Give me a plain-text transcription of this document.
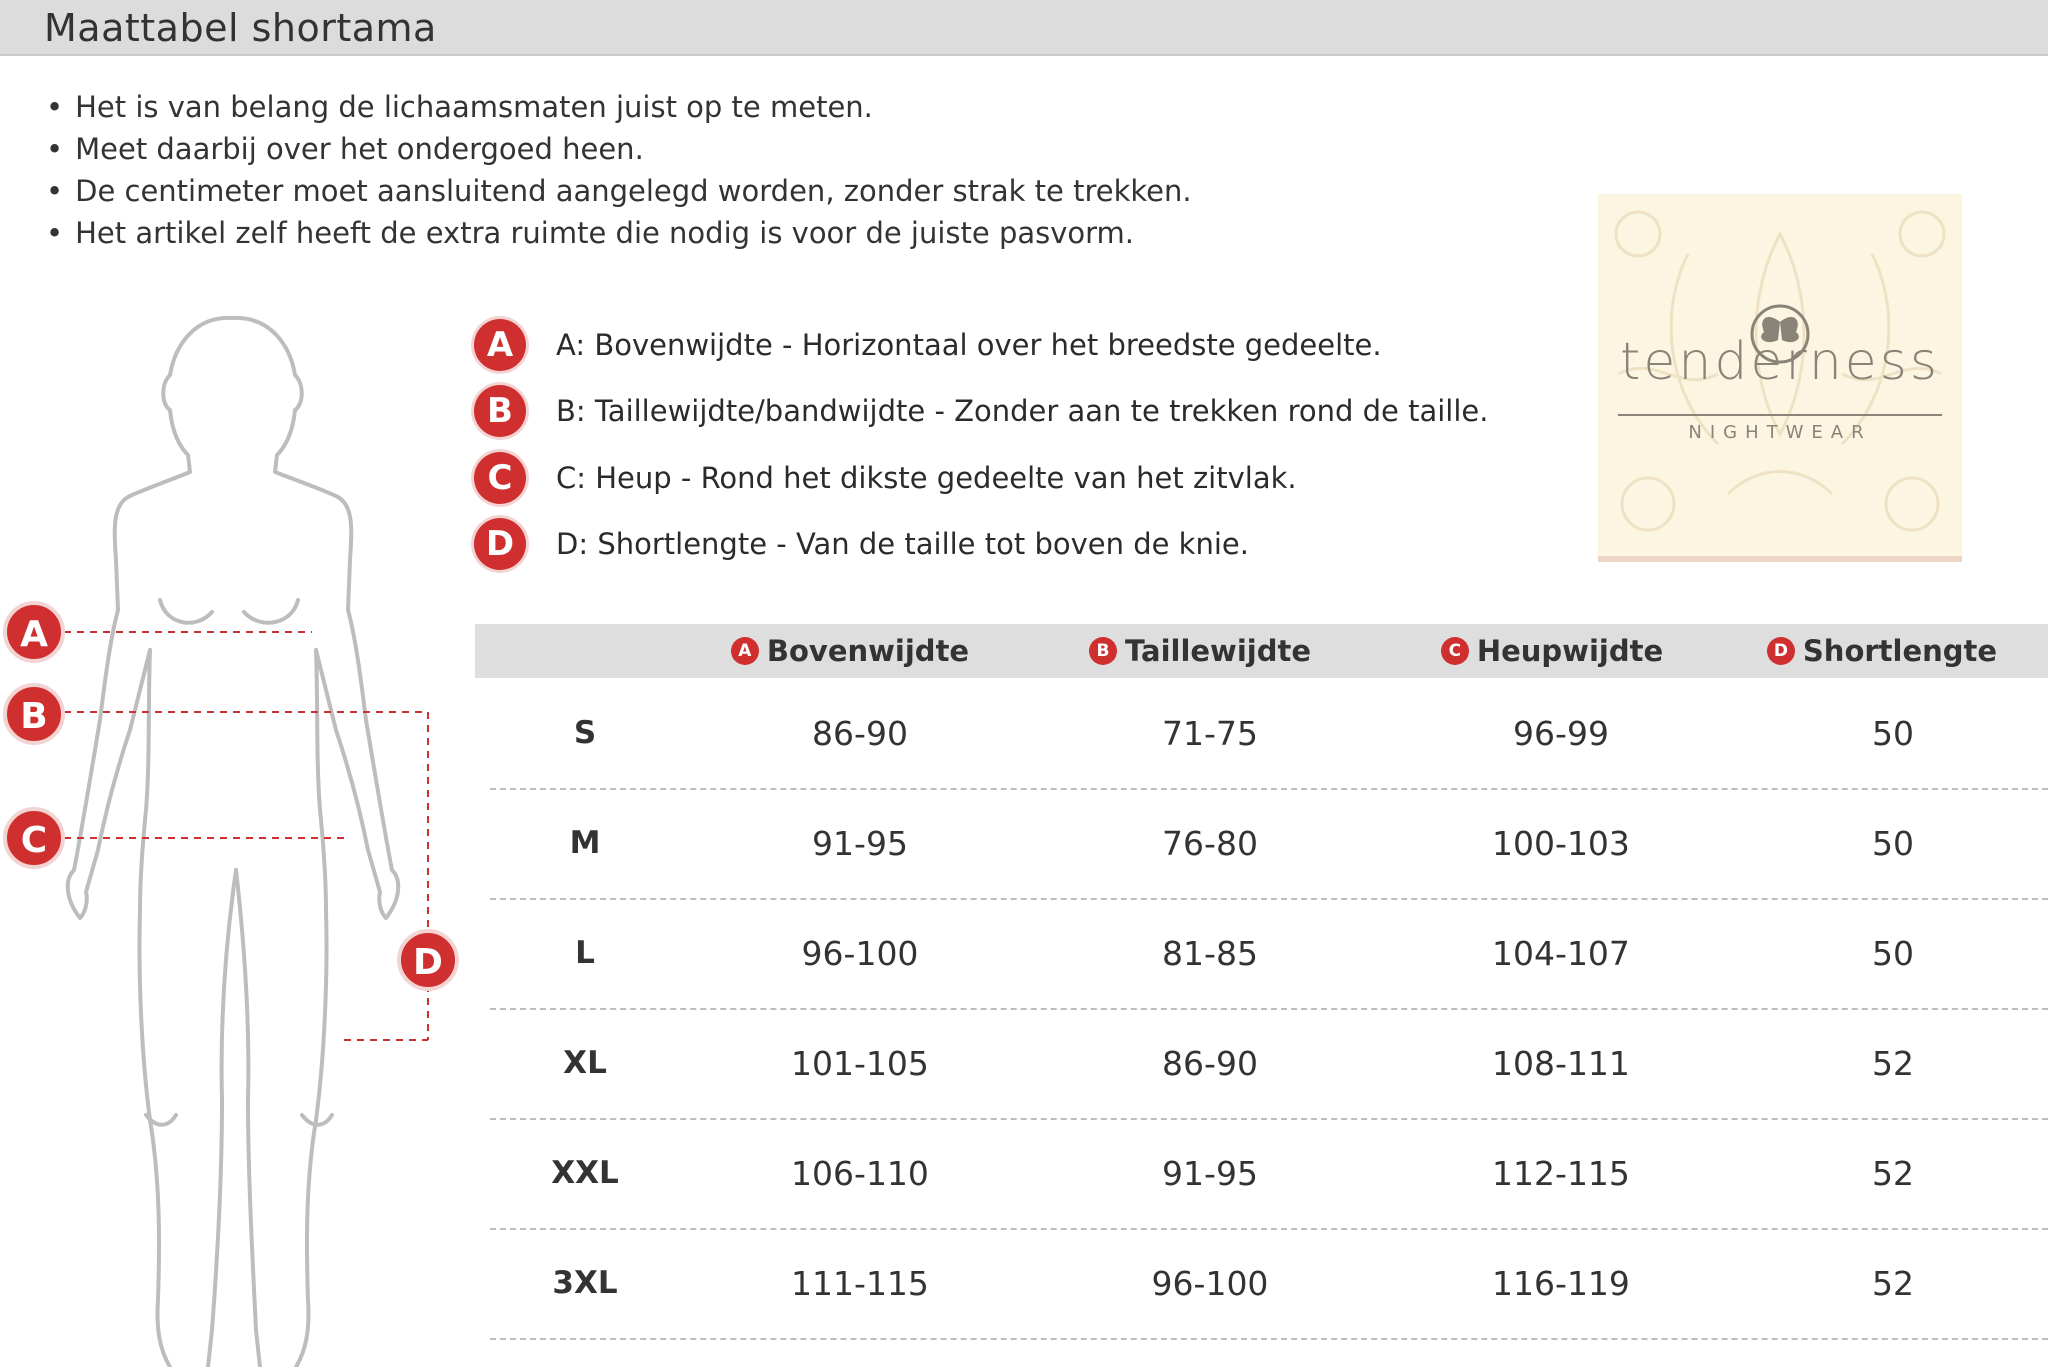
Maattabel shortama
• Het is van belang de lichaamsmaten juist op te meten.
• Meet daarbij over het ondergoed heen.
• De centimeter moet aansluitend aangelegd worden, zonder strak te trekken.
• Het artikel zelf heeft de extra ruimte die nodig is voor de juiste pasvorm.
A	A: Bovenwijdte - Horizontaal over het breedste gedeelte.
B	B: Taillewijdte/bandwijdte - Zonder aan te trekken rond de taille.
C	C: Heup - Rond het dikste gedeelte van het zitvlak.
D	D: Shortlengte - Van de taille tot boven de knie.
tenderness
NIGHTWEAR
A
B
C
D
A Bovenwijdte	B Taillewijdte	C Heupwijdte	D Shortlengte
S	86-90	71-75	96-99	50
M	91-95	76-80	100-103	50
L	96-100	81-85	104-107	50
XL	101-105	86-90	108-111	52
XXL	106-110	91-95	112-115	52
3XL	111-115	96-100	116-119	52
